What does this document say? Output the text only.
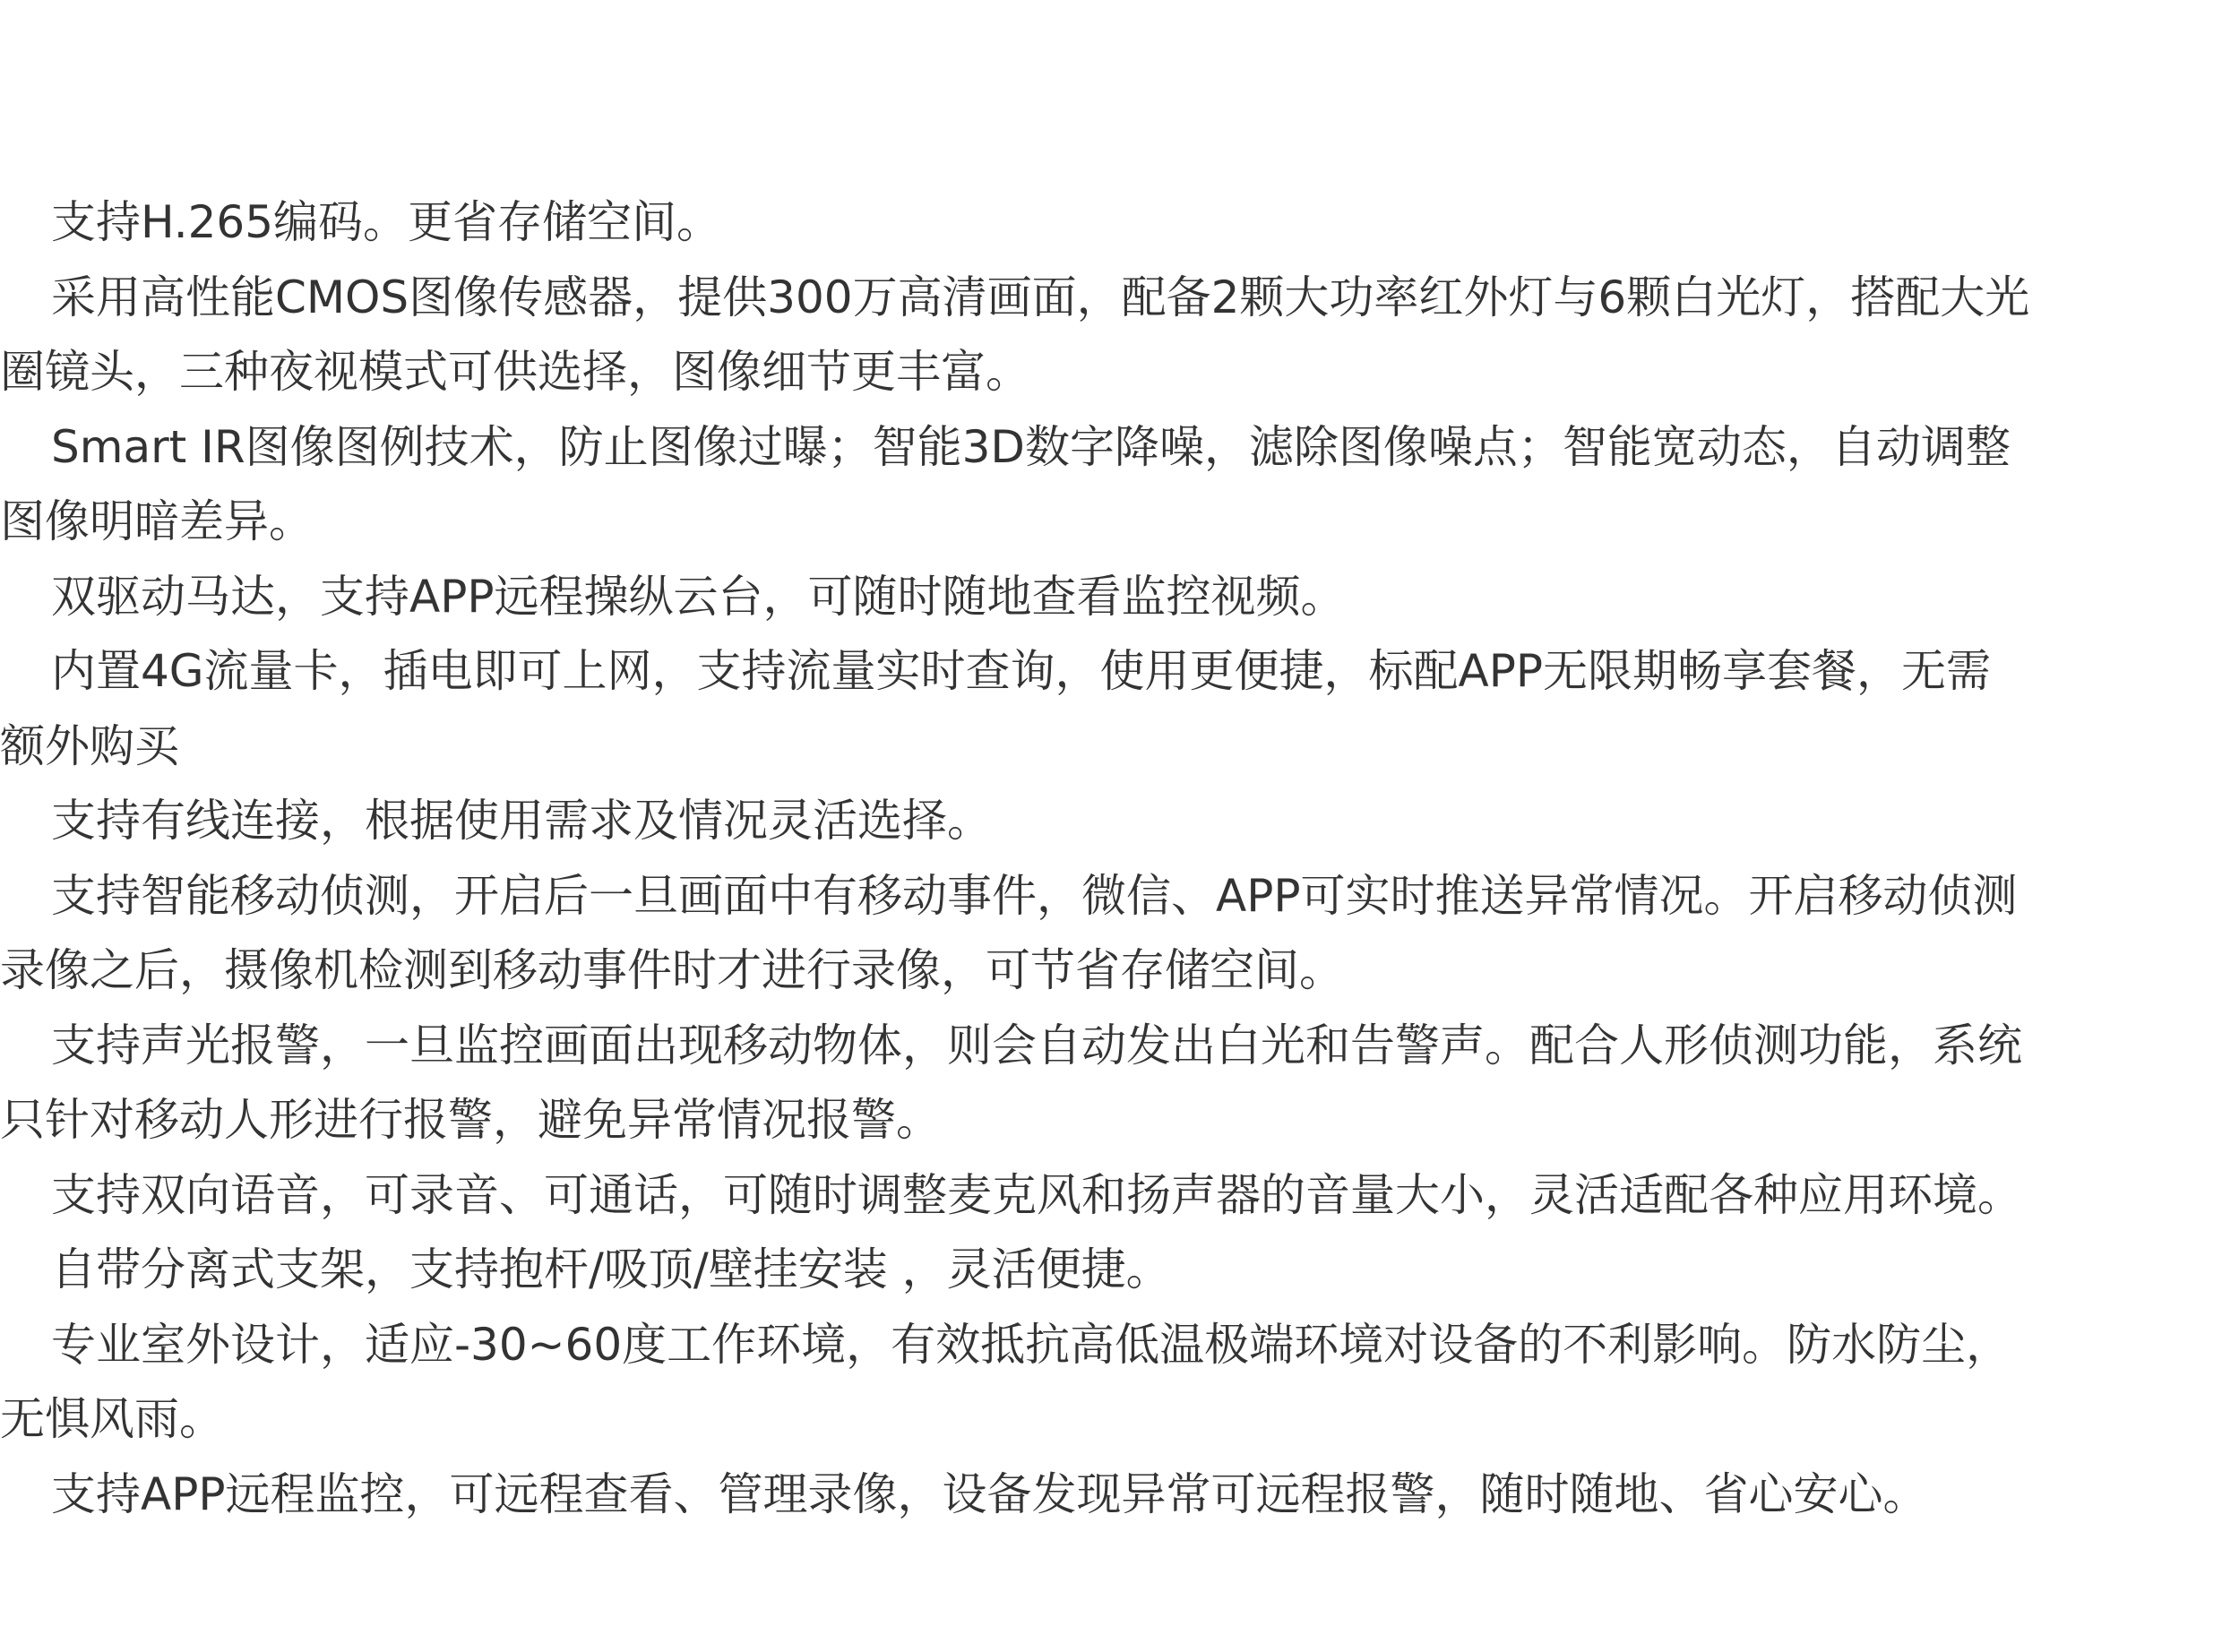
支持H.265编码。更省存储空间。

采用高性能CMOS图像传感器，提供300万高清画面，配备2颗大功率红外灯与6颗白光灯，搭配大光
圈镜头，三种夜视模式可供选择，图像细节更丰富。

Smart IR图像图例技术，防止图像过曝；智能3D数字降噪，滤除图像噪点；智能宽动态，自动调整
图像明暗差异。

双驱动马达，支持APP远程操纵云台，可随时随地查看监控视频。

内置4G流量卡，插电即可上网，支持流量实时查询，使用更便捷，标配APP无限期畅享套餐，无需
额外购买

支持有线连接，根据使用需求及情况灵活选择。

支持智能移动侦测，开启后一旦画面中有移动事件，微信、APP可实时推送异常情况。开启移动侦测
录像之后，摄像机检测到移动事件时才进行录像，可节省存储空间。

支持声光报警，一旦监控画面出现移动物体，则会自动发出白光和告警声。配合人形侦测功能，系统
只针对移动人形进行报警，避免异常情况报警。

支持双向语音，可录音、可通话，可随时调整麦克风和扬声器的音量大小，灵活适配各种应用环境。

自带分离式支架，支持抱杆/吸顶/壁挂安装 ，灵活便捷。

专业室外设计，适应-30~60度工作环境，有效抵抗高低温极端环境对设备的不利影响。防水防尘，
无惧风雨。

支持APP远程监控，可远程查看、管理录像，设备发现异常可远程报警，随时随地、省心安心。
